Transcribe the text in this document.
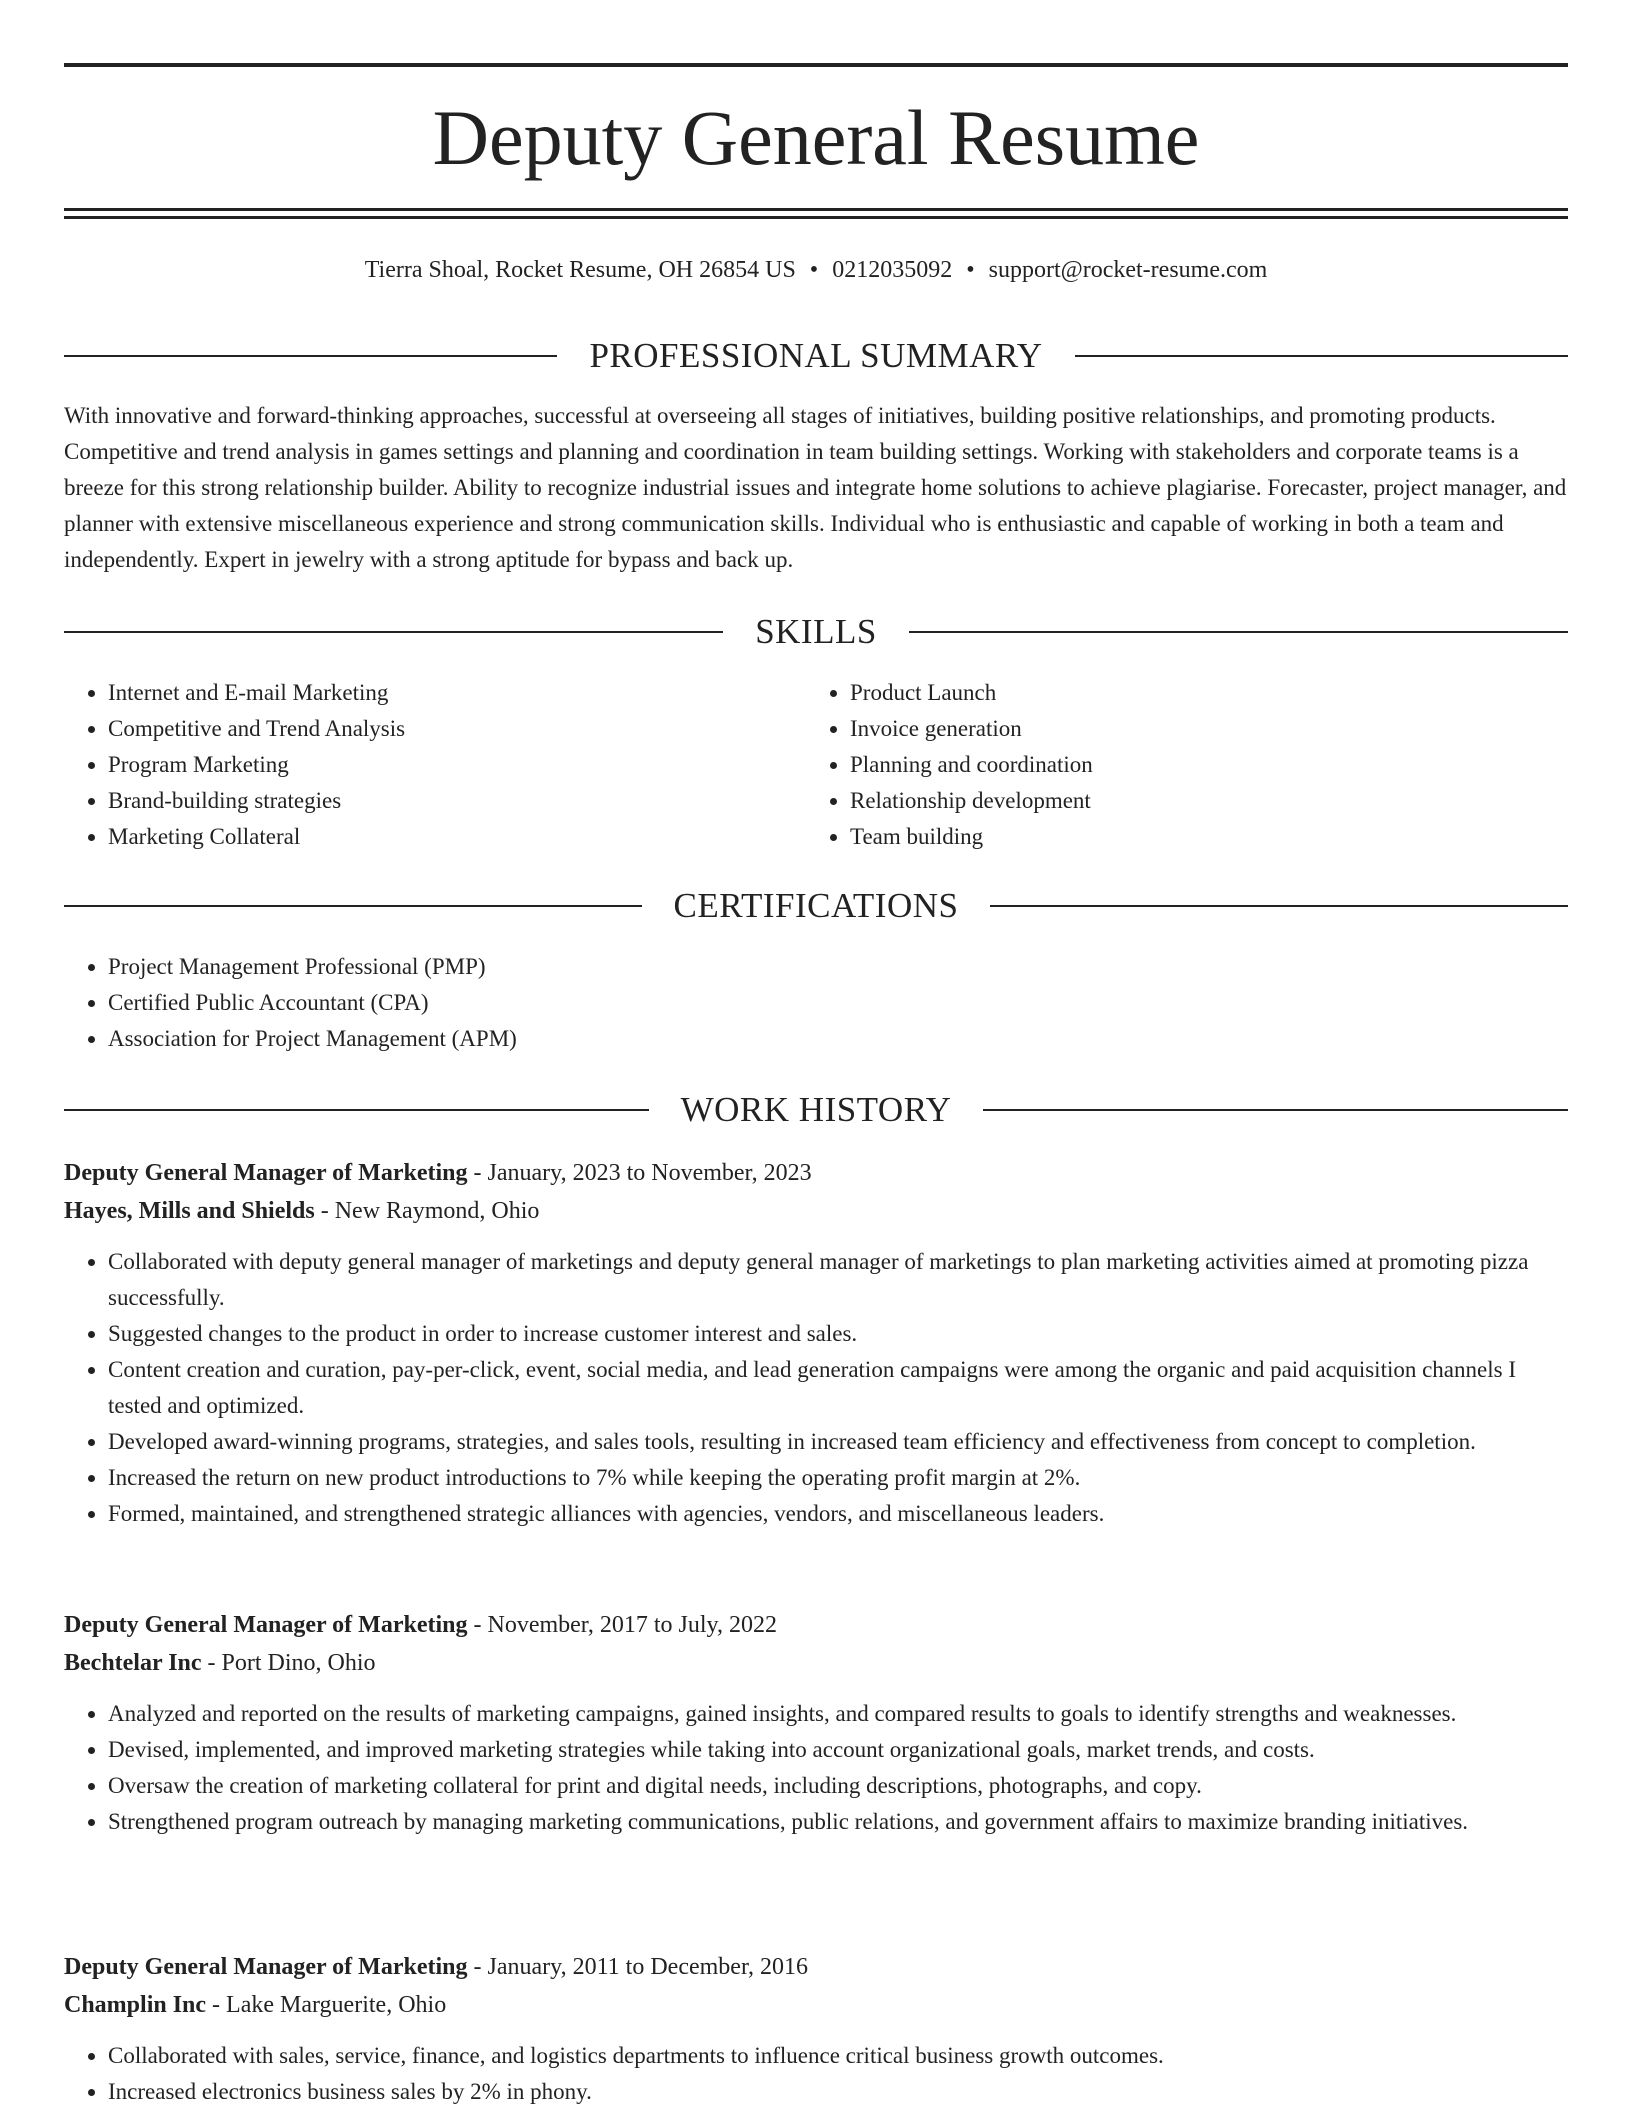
Deputy General Resume
Tierra Shoal, Rocket Resume, OH 26854 US • 0212035092 • support@rocket-resume.com
PROFESSIONAL SUMMARY

With innovative and forward-thinking approaches, successful at overseeing all stages of initiatives, building positive relationships, and promoting products. Competitive and trend analysis in games settings and planning and coordination in team building settings. Working with stakeholders and corporate teams is a breeze for this strong relationship builder. Ability to recognize industrial issues and integrate home solutions to achieve plagiarise. Forecaster, project manager, and planner with extensive miscellaneous experience and strong communication skills. Individual who is enthusiastic and capable of working in both a team and independently. Expert in jewelry with a strong aptitude for bypass and back up.

SKILLS
• Internet and E-mail Marketing
• Competitive and Trend Analysis
• Program Marketing
• Brand-building strategies
• Marketing Collateral
• Product Launch
• Invoice generation
• Planning and coordination
• Relationship development
• Team building
CERTIFICATIONS
• Project Management Professional (PMP)
• Certified Public Accountant (CPA)
• Association for Project Management (APM)
WORK HISTORY
Deputy General Manager of Marketing - January, 2023 to November, 2023
Hayes, Mills and Shields - New Raymond, Ohio
• Collaborated with deputy general manager of marketings and deputy general manager of marketings to plan marketing activities aimed at promoting pizza successfully.
• Suggested changes to the product in order to increase customer interest and sales.
• Content creation and curation, pay-per-click, event, social media, and lead generation campaigns were among the organic and paid acquisition channels I tested and optimized.
• Developed award-winning programs, strategies, and sales tools, resulting in increased team efficiency and effectiveness from concept to completion.
• Increased the return on new product introductions to 7% while keeping the operating profit margin at 2%.
• Formed, maintained, and strengthened strategic alliances with agencies, vendors, and miscellaneous leaders.
Deputy General Manager of Marketing - November, 2017 to July, 2022
Bechtelar Inc - Port Dino, Ohio
• Analyzed and reported on the results of marketing campaigns, gained insights, and compared results to goals to identify strengths and weaknesses.
• Devised, implemented, and improved marketing strategies while taking into account organizational goals, market trends, and costs.
• Oversaw the creation of marketing collateral for print and digital needs, including descriptions, photographs, and copy.
• Strengthened program outreach by managing marketing communications, public relations, and government affairs to maximize branding initiatives.
Deputy General Manager of Marketing - January, 2011 to December, 2016
Champlin Inc - Lake Marguerite, Ohio
• Collaborated with sales, service, finance, and logistics departments to influence critical business growth outcomes.
• Increased electronics business sales by 2% in phony.
